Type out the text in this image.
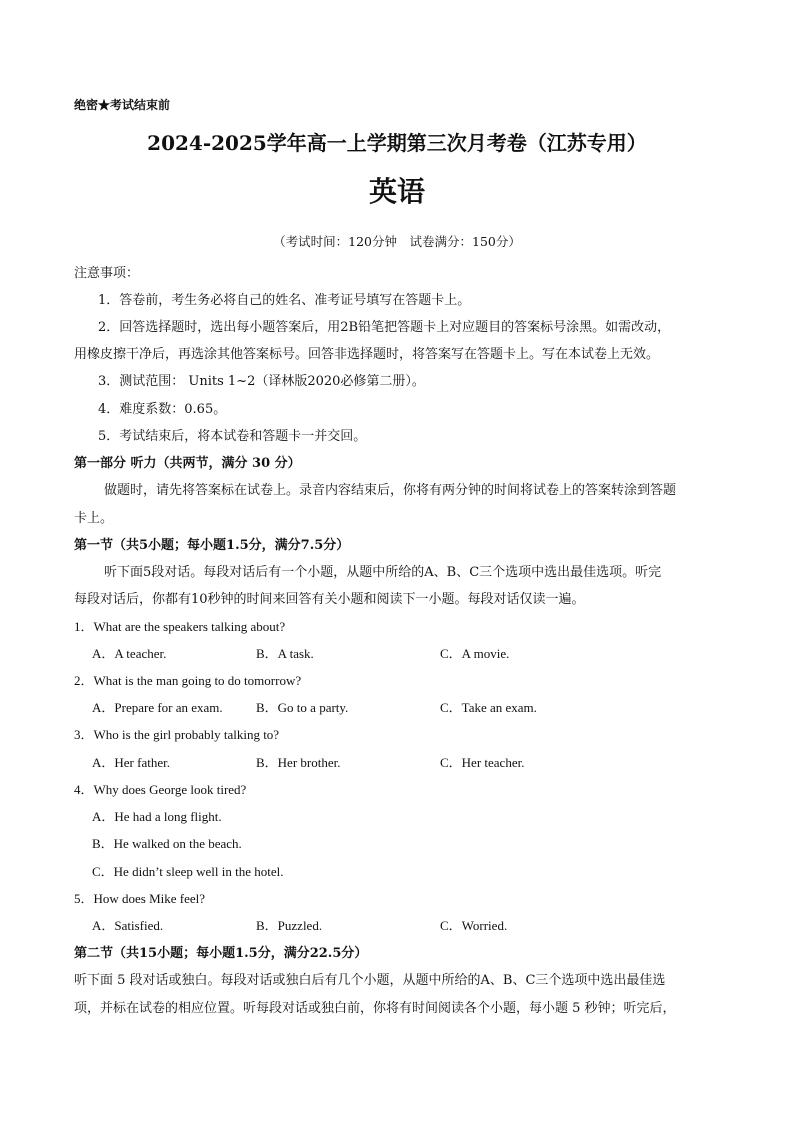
绝密★考试结束前
2024-2025学年高一上学期第三次月考卷（江苏专用）
英语
（考试时间：120分钟　试卷满分：150分）
注意事项：
1．答卷前，考生务必将自己的姓名、准考证号填写在答题卡上。
2．回答选择题时，选出每小题答案后，用2B铅笔把答题卡上对应题目的答案标号涂黑。如需改动，
用橡皮擦干净后，再选涂其他答案标号。回答非选择题时，将答案写在答题卡上。写在本试卷上无效。
3．测试范围： Units 1~2（译林版2020必修第二册）。
4．难度系数：0.65。
5．考试结束后，将本试卷和答题卡一并交回。
第一部分 听力（共两节，满分 30 分）
做题时，请先将答案标在试卷上。录音内容结束后，你将有两分钟的时间将试卷上的答案转涂到答题
卡上。
第一节（共5小题；每小题1.5分，满分7.5分）
听下面5段对话。每段对话后有一个小题，从题中所给的A、B、C三个选项中选出最佳选项。听完
每段对话后，你都有10秒钟的时间来回答有关小题和阅读下一小题。每段对话仅读一遍。
1．What are the speakers talking about?
A．A teacher.	B．A task.	C．A movie.
2．What is the man going to do tomorrow?
A．Prepare for an exam.	B．Go to a party.	C．Take an exam.
3．Who is the girl probably talking to?
A．Her father.	B．Her brother.	C．Her teacher.
4．Why does George look tired?
A．He had a long flight.
B．He walked on the beach.
C．He didn’t sleep well in the hotel.
5．How does Mike feel?
A．Satisfied.	B．Puzzled.	C．Worried.
第二节（共15小题；每小题1.5分，满分22.5分）
听下面 5 段对话或独白。每段对话或独白后有几个小题，从题中所给的A、B、C三个选项中选出最佳选
项，并标在试卷的相应位置。听每段对话或独白前，你将有时间阅读各个小题，每小题 5 秒钟；听完后，
